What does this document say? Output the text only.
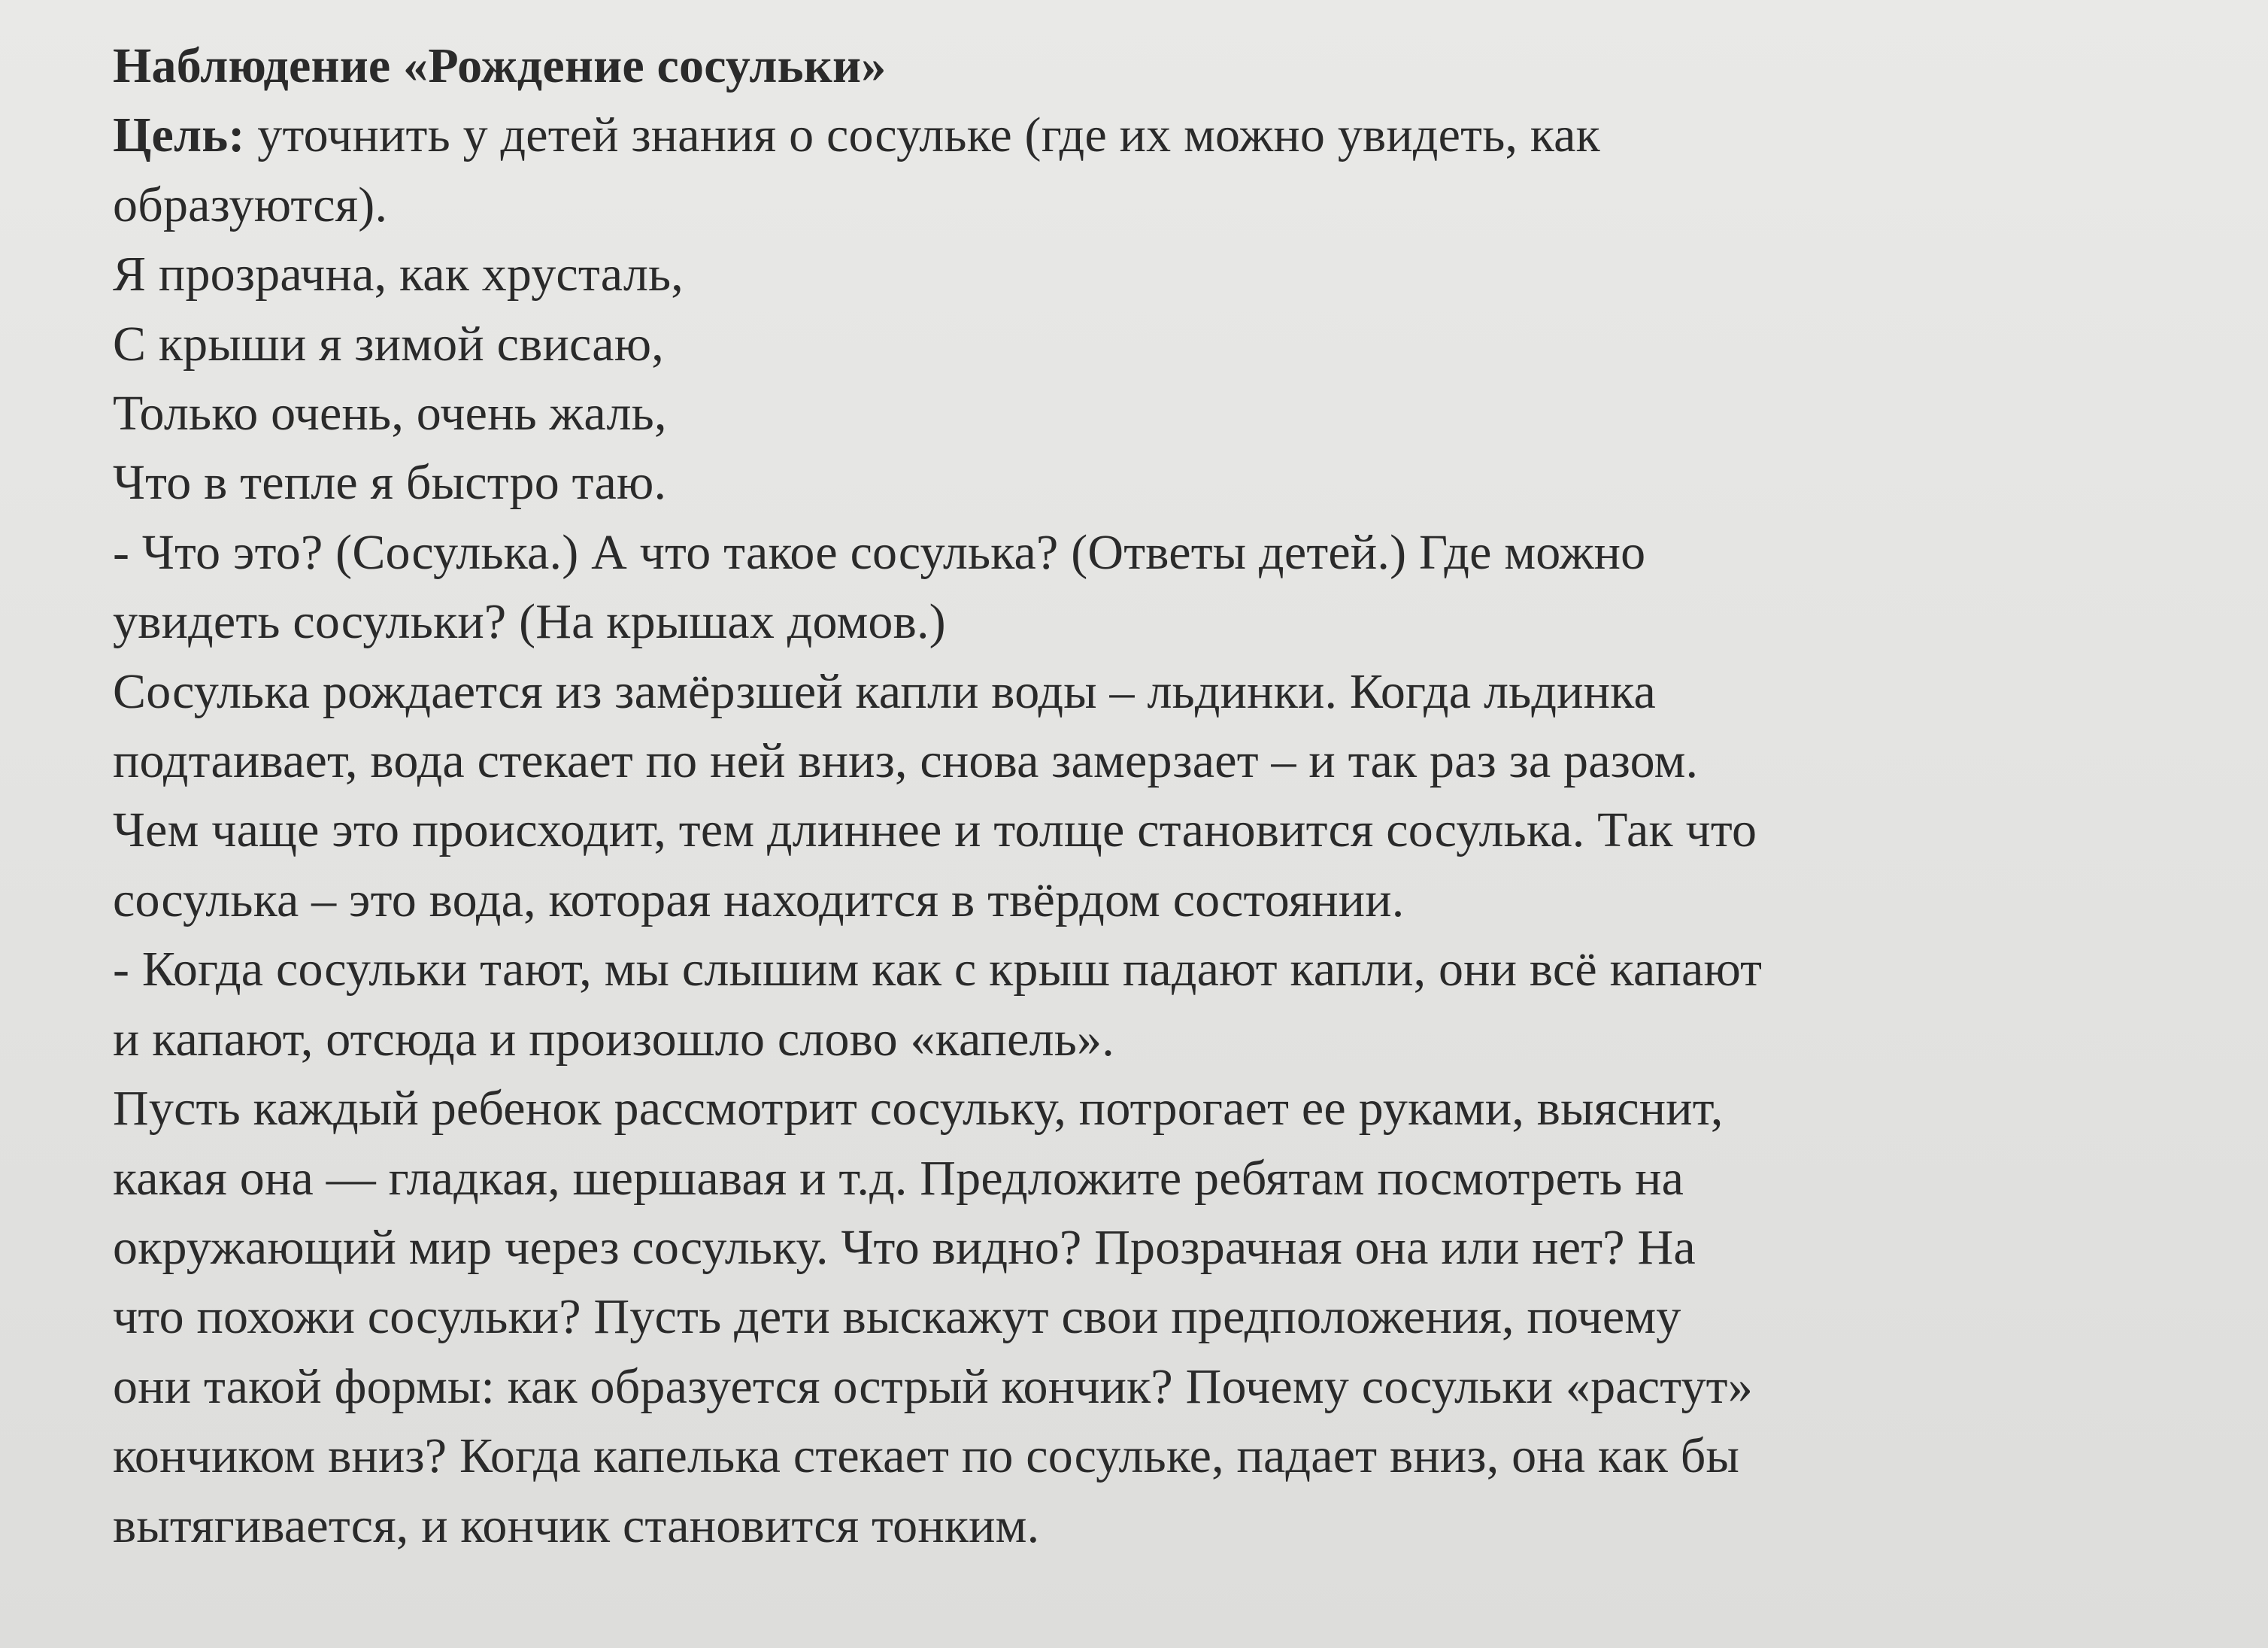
Наблюдение «Рождение сосульки»
Цель: уточнить у детей знания о сосульке (где их можно увидеть, как
образуются).
Я прозрачна, как хрусталь,
С крыши я зимой свисаю,
Только очень, очень жаль,
Что в тепле я быстро таю.
- Что это? (Сосулька.) А что такое сосулька? (Ответы детей.) Где можно
увидеть сосульки? (На крышах домов.)
Сосулька рождается из замёрзшей капли воды – льдинки. Когда льдинка
подтаивает, вода стекает по ней вниз, снова замерзает – и так раз за разом.
Чем чаще это происходит, тем длиннее и толще становится сосулька. Так что
сосулька – это вода, которая находится в твёрдом состоянии.
- Когда сосульки тают, мы слышим как с крыш падают капли, они всё капают
и капают, отсюда и произошло слово «капель».
Пусть каждый ребенок рассмотрит сосульку, потрогает ее руками, выяснит,
какая она — гладкая, шершавая и т.д. Предложите ребятам посмотреть на
окружающий мир через сосульку. Что видно? Прозрачная она или нет? На
что похожи сосульки? Пусть дети выскажут свои предположения, почему
они такой формы: как образуется острый кончик? Почему сосульки «растут»
кончиком вниз? Когда капелька стекает по сосульке, падает вниз, она как бы
вытягивается, и кончик становится тонким.
